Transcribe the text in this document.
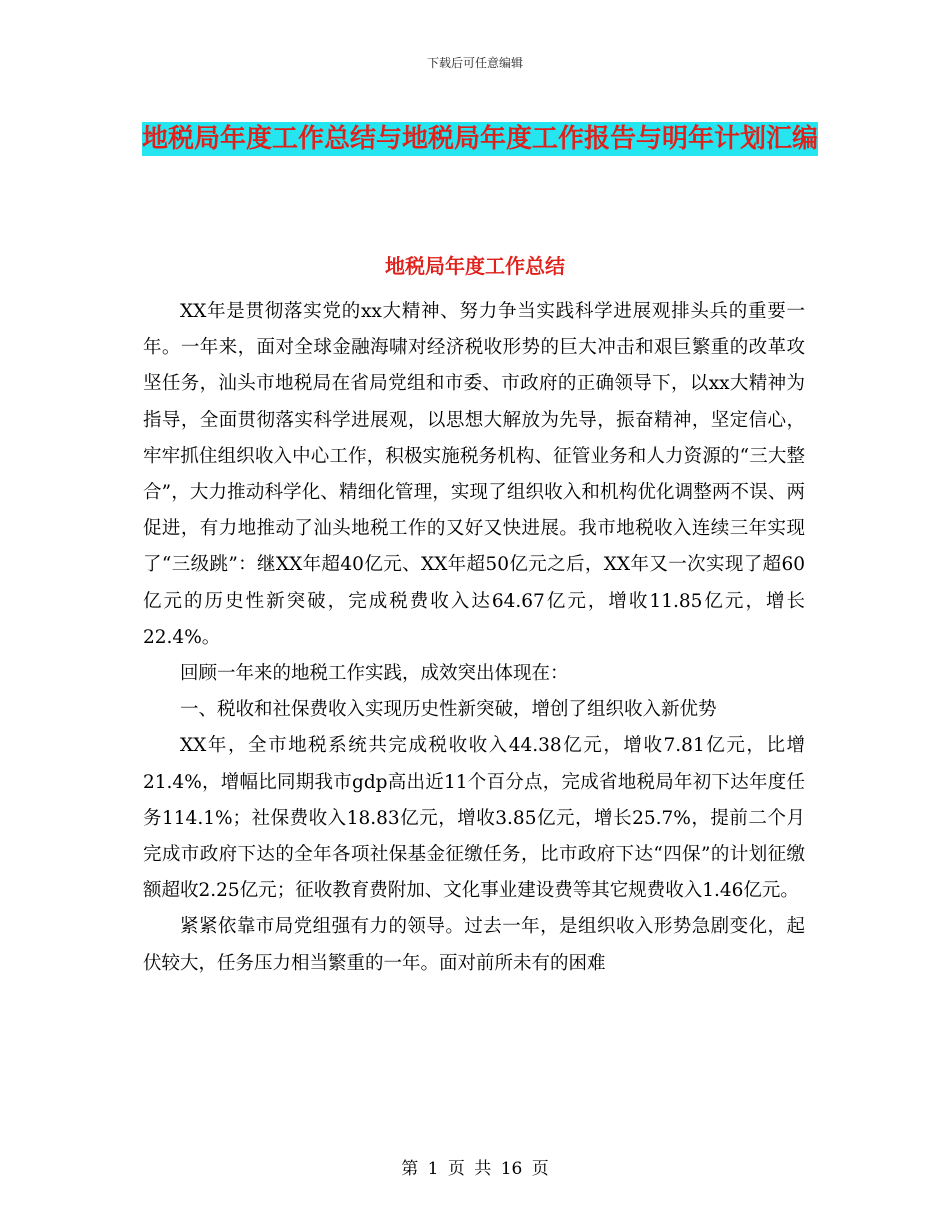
下载后可任意编辑
地税局年度工作总结与地税局年度工作报告与明年计划汇编
地税局年度工作总结

XX年是贯彻落实党的xx大精神、努力争当实践科学进展观排头兵的重要一年。一年来，面对全球金融海啸对经济税收形势的巨大冲击和艰巨繁重的改革攻坚任务，汕头市地税局在省局党组和市委、市政府的正确领导下，以xx大精神为指导，全面贯彻落实科学进展观，以思想大解放为先导，振奋精神，坚定信心，牢牢抓住组织收入中心工作，积极实施税务机构、征管业务和人力资源的“三大整合”，大力推动科学化、精细化管理，实现了组织收入和机构优化调整两不误、两促进，有力地推动了汕头地税工作的又好又快进展。我市地税收入连续三年实现了“三级跳”：继XX年超40亿元、XX年超50亿元之后，XX年又一次实现了超60亿元的历史性新突破，完成税费收入达64.67亿元，增收11.85亿元，增长22.4%。

回顾一年来的地税工作实践，成效突出体现在：

一、税收和社保费收入实现历史性新突破，增创了组织收入新优势

XX年，全市地税系统共完成税收收入44.38亿元，增收7.81亿元，比增21.4%，增幅比同期我市gdp高出近11个百分点，完成省地税局年初下达年度任务114.1%；社保费收入18.83亿元，增收3.85亿元，增长25.7%，提前二个月完成市政府下达的全年各项社保基金征缴任务，比市政府下达“四保”的计划征缴额超收2.25亿元；征收教育费附加、文化事业建设费等其它规费收入1.46亿元。

紧紧依靠市局党组强有力的领导。过去一年，是组织收入形势急剧变化，起伏较大，任务压力相当繁重的一年。面对前所未有的困难

第 1 页 共 16 页
